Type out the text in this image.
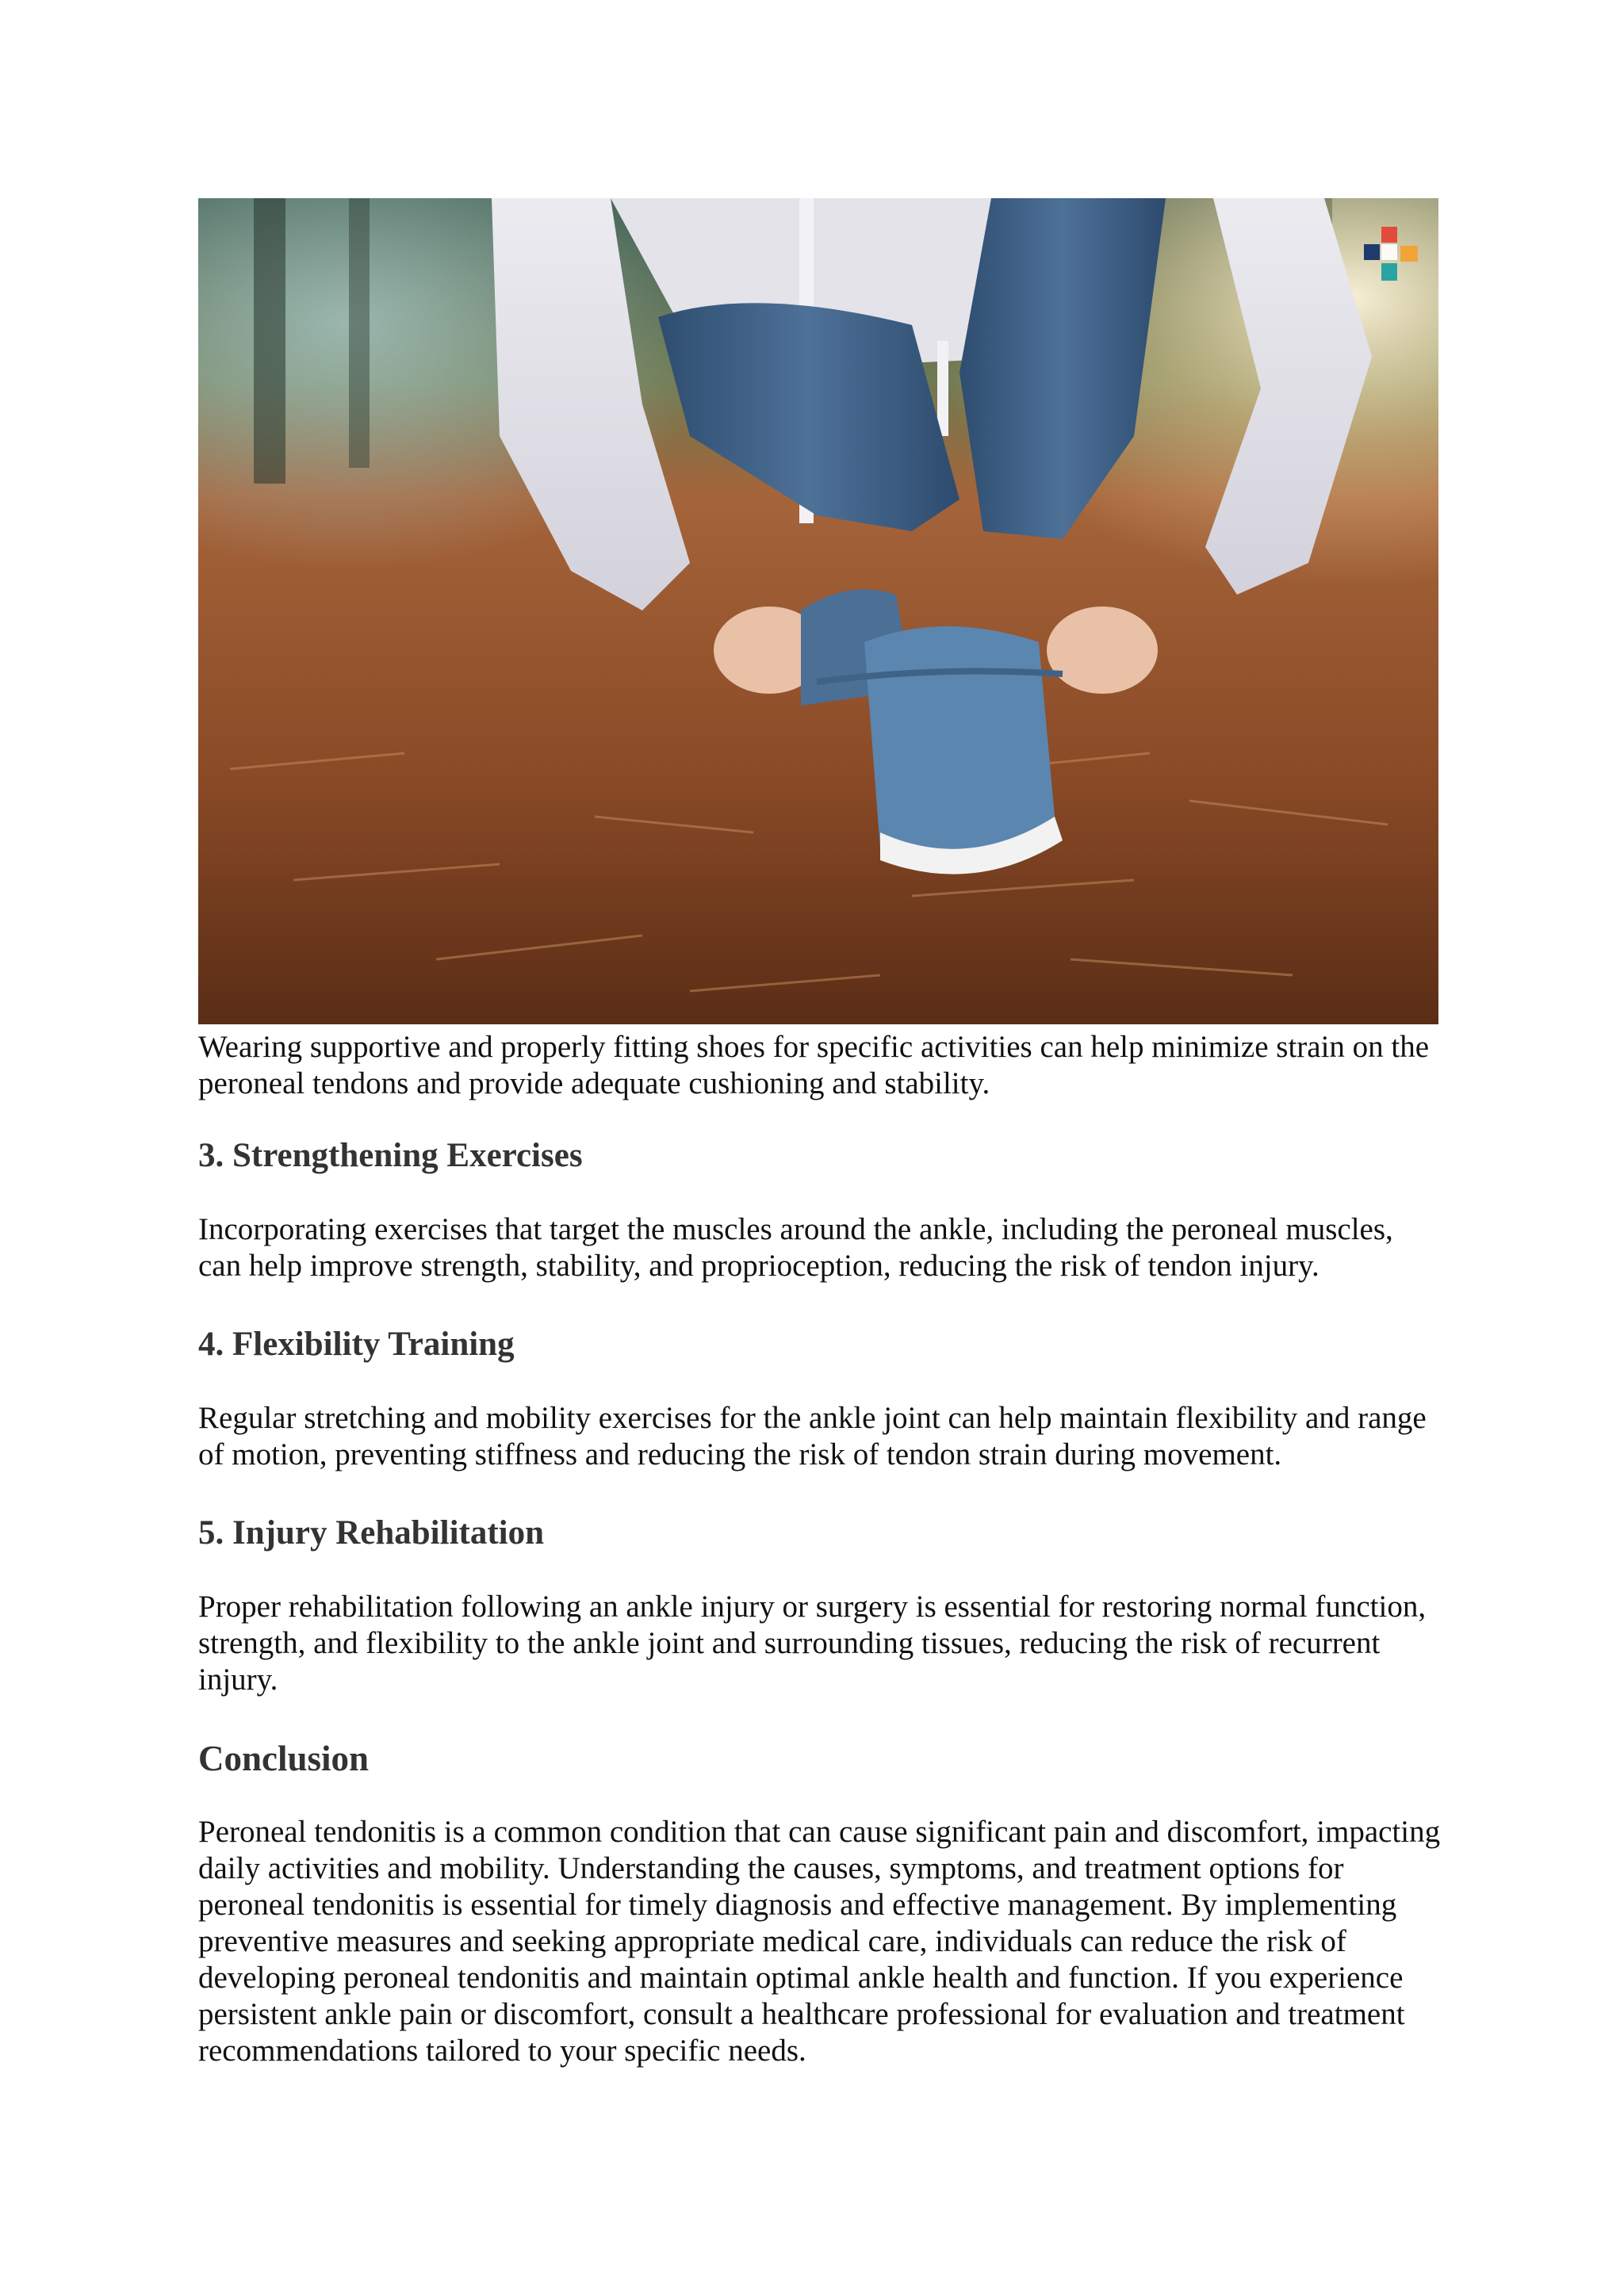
Wearing supportive and properly fitting shoes for specific activities can help minimize strain on the peroneal tendons and provide adequate cushioning and stability.

3. Strengthening Exercises

Incorporating exercises that target the muscles around the ankle, including the peroneal muscles, can help improve strength, stability, and proprioception, reducing the risk of tendon injury.

4. Flexibility Training

Regular stretching and mobility exercises for the ankle joint can help maintain flexibility and range of motion, preventing stiffness and reducing the risk of tendon strain during movement.

5. Injury Rehabilitation

Proper rehabilitation following an ankle injury or surgery is essential for restoring normal function, strength, and flexibility to the ankle joint and surrounding tissues, reducing the risk of recurrent injury.

Conclusion

Peroneal tendonitis is a common condition that can cause significant pain and discomfort, impacting daily activities and mobility. Understanding the causes, symptoms, and treatment options for peroneal tendonitis is essential for timely diagnosis and effective management. By implementing preventive measures and seeking appropriate medical care, individuals can reduce the risk of developing peroneal tendonitis and maintain optimal ankle health and function. If you experience persistent ankle pain or discomfort, consult a healthcare professional for evaluation and treatment recommendations tailored to your specific needs.
